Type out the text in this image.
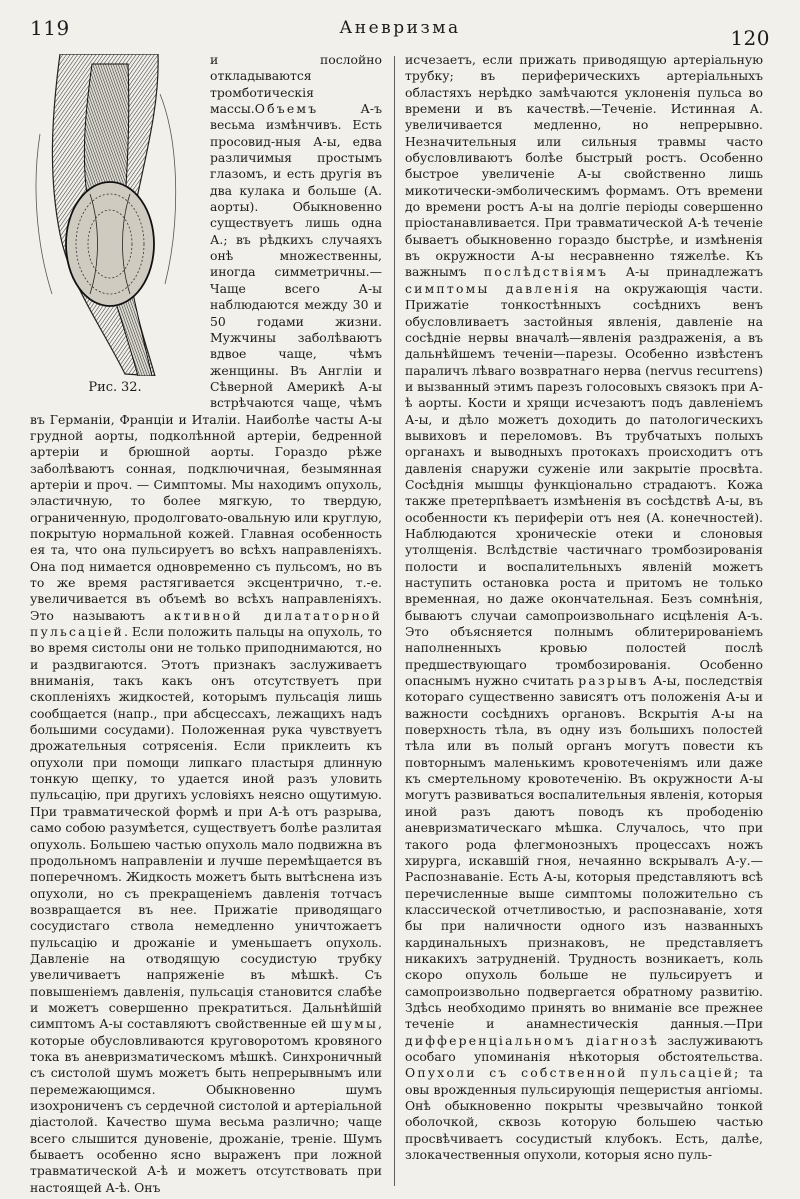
119	Аневризма	120
Рис. 32.
и послойно откладываются тромботическія массы.Объемъ А-ъ весьма измѣнчивъ. Есть просовид-ныя А-ы, едва различимыя простымъ глазомъ, и есть другія въ два кулака и больше (А. аорты). Обыкновенно существуетъ лишь одна А.; въ рѣдкихъ случаяхъ онѣ множественны, иногда симметричны.—Чаще всего А-ы наблюдаются между 30 и 50 годами жизни. Мужчины заболѣваютъ вдвое чаще, чѣмъ женщины. Въ Англіи и Сѣверной Америкѣ А-ы встрѣчаются чаще, чѣмъ въ Германіи, Франціи и Италіи. Наиболѣе часты А-ы грудной аорты, подколѣнной артеріи, бедренной артеріи и брюшной аорты. Гораздо рѣже заболѣваютъ сонная, подключичная, безымянная артеріи и проч. — Симптомы. Мы находимъ опухоль, эластичную, то более мягкую, то твердую, ограниченную, продолговато-овальную или круглую, покрытую нормальной кожей. Главная особенность ея та, что она пульсируетъ во всѣхъ направленіяхъ. Она под нимается одновременно съ пульсомъ, но въ то же время растягивается эксцентрично, т.-е. увеличивается въ объемѣ во всѣхъ направленіяхъ. Это называютъ активной дилататорной пульсаціей. Если положить пальцы на опухоль, то во время систолы они не только приподнимаются, но и раздвигаются. Этотъ признакъ заслуживаетъ вниманія, такъ какъ онъ отсутствуетъ при скопленіяхъ жидкостей, которымъ пульсація лишь сообщается (напр., при абсцессахъ, лежащихъ надъ большими сосудами). Положенная рука чувствуетъ дрожательныя сотрясенія. Если приклеить къ опухоли при помощи липкаго пластыря длинную тонкую щепку, то удается иной разъ уловить пульсацію, при другихъ условіяхъ неясно ощутимую. При травматической формѣ и при А-ѣ отъ разрыва, само собою разумѣется, существуетъ болѣе разлитая опухоль. Большею частью опухоль мало подвижна въ продольномъ направленіи и лучше перемѣщается въ поперечномъ. Жидкость можетъ быть вытѣснена изъ опухоли, но съ прекращеніемъ давленія тотчасъ возвращается въ нее. Прижатіе приводящаго сосудистаго ствола немедленно уничтожаетъ пульсацію и дрожаніе и уменьшаетъ опухоль. Давленіе на отводящую сосудистую трубку увеличиваетъ напряженіе въ мѣшкѣ. Съ повышеніемъ давленія, пульсація становится слабѣе и можетъ совершенно прекратиться. Дальнѣйшій симптомъ А-ы составляютъ свойственные ей шумы, которые обусловливаются круговоротомъ кровяного тока въ аневризматическомъ мѣшкѣ. Синхроничный съ систолой шумъ можетъ быть непрерывнымъ или перемежающимся. Обыкновенно шумъ изохрониченъ съ сердечной систолой и артеріальной діастолой. Качество шума весьма различно; чаще всего слышится дуновеніе, дрожаніе, треніе. Шумъ бываетъ особенно ясно выраженъ при ложной травматической А-ѣ и можетъ отсутствовать при настоящей А-ѣ. Онъ
исчезаетъ, если прижать приводящую артеріальную трубку; въ периферическихъ артеріальныхъ областяхъ нерѣдко замѣчаются уклоненія пульса во времени и въ качествѣ.—Теченіе. Истинная А. увеличивается медленно, но непрерывно. Незначительныя или сильныя травмы часто обусловливаютъ болѣе быстрый ростъ. Особенно быстрое увеличеніе А-ы свойственно лишь микотически-эмболическимъ формамъ. Отъ времени до времени ростъ А-ы на долгіе періоды совершенно пріостанавливается. При травматической А-ѣ теченіе бываетъ обыкновенно гораздо быстрѣе, и измѣненія въ окружности А-ы несравненно тяжелѣе. Къ важнымъ послѣдствіямъ А-ы принадлежатъ симптомы давленія на окружающія части. Прижатіе тонкостѣнныхъ сосѣднихъ венъ обусловливаетъ застойныя явленія, давленіе на сосѣдніе нервы вначалѣ—явленія раздраженія, а въ дальнѣйшемъ теченіи—парезы. Особенно извѣстенъ параличъ лѣваго возвратнаго нерва (nervus recurrens) и вызванный этимъ парезъ голосовыхъ связокъ при А-ѣ аорты. Кости и хрящи исчезаютъ подъ давленіемъ А-ы, и дѣло можетъ доходить до патологическихъ вывиховъ и переломовъ. Въ трубчатыхъ полыхъ органахъ и выводныхъ протокахъ происходитъ отъ давленія снаружи суженіе или закрытіе просвѣта. Сосѣднія мышцы функціонально страдаютъ. Кожа также претерпѣваетъ измѣненія въ сосѣдствѣ А-ы, въ особенности къ периферіи отъ нея (А. конечностей). Наблюдаются хроническіе отеки и слоновыя утолщенія. Вслѣдствіе частичнаго тромбозированія полости и воспалительныхъ явленій можетъ наступить остановка роста и притомъ не только временная, но даже окончательная. Безъ сомнѣнія, бываютъ случаи самопроизвольнаго исцѣленія А-ъ. Это объясняется полнымъ облитерированіемъ наполненныхъ кровью полостей послѣ предшествующаго тромбозированія. Особенно опаснымъ нужно считать разрывъ А-ы, последствія котораго существенно зависятъ отъ положенія А-ы и важности сосѣднихъ органовъ. Вскрытія А-ы на поверхность тѣла, въ одну изъ большихъ полостей тѣла или въ полый органъ могутъ повести къ повторнымъ маленькимъ кровотеченіямъ или даже къ смертельному кровотеченію. Въ окружности А-ы могутъ развиваться воспалительныя явленія, которыя иной разъ даютъ поводъ къ прободенію аневризматическаго мѣшка. Случалось, что при такого рода флегмонозныхъ процессахъ ножъ хирурга, искавшій гноя, нечаянно вскрывалъ А-у.—Распознаваніе. Есть А-ы, которыя представляютъ всѣ перечисленные выше симптомы положительно съ классической отчетливостью, и распознаваніе, хотя бы при наличности одного изъ названныхъ кардинальныхъ признаковъ, не представляетъ никакихъ затрудненій. Трудность возникаетъ, коль скоро опухоль больше не пульсируетъ и самопроизвольно подвергается обратному развитію. Здѣсь необходимо принять во вниманіе все прежнее теченіе и анамнестическія данныя.—При дифференціальномъ діагнозѣ заслуживаютъ особаго упоминанія нѣкоторыя обстоятельства. Опухоли съ собственной пульсаціей; та овы врожденныя пульсирующія пещеристыя ангіомы. Онѣ обыкновенно покрыты чрезвычайно тонкой оболочкой, сквозь которую большею частью просвѣчиваетъ сосудистый клубокъ. Есть, далѣе, злокачественныя опухоли, которыя ясно пуль-
